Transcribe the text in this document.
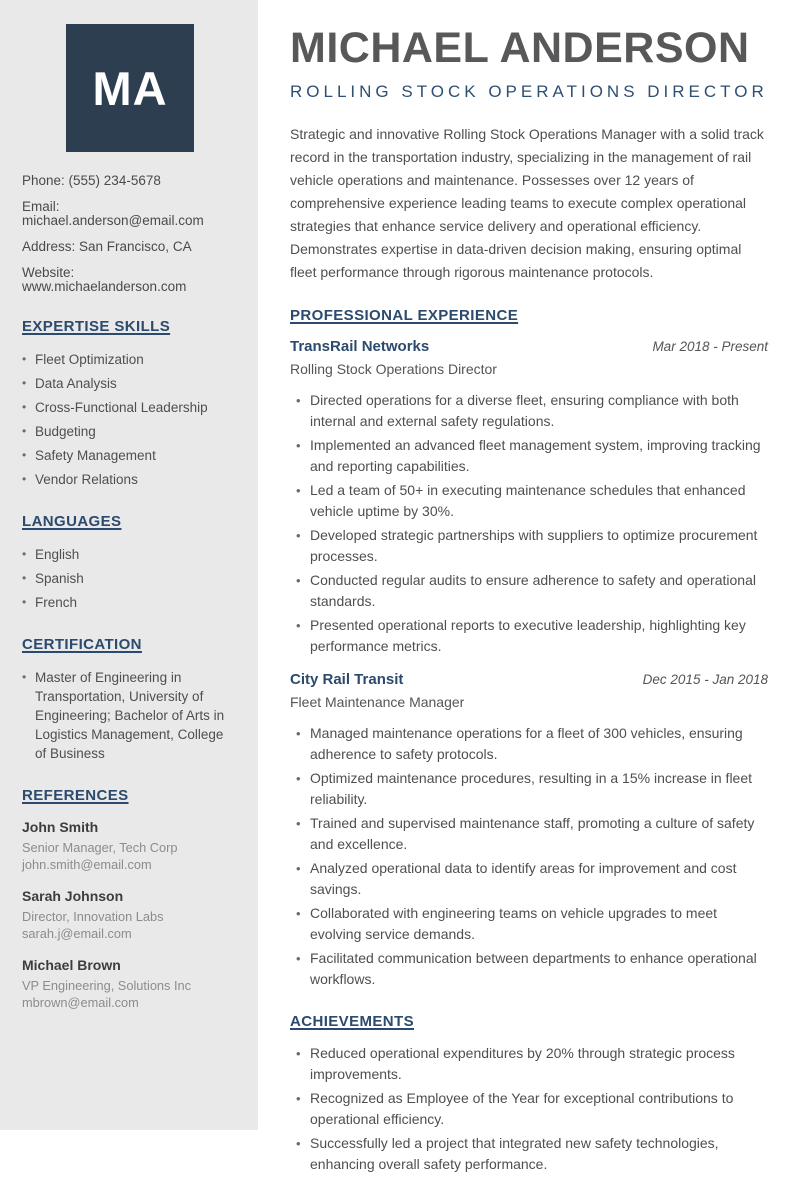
MA

Phone: (555) 234-5678

Email: michael.anderson@email.com

Address: San Francisco, CA

Website: www.michaelanderson.com

EXPERTISE SKILLS
• Fleet Optimization
• Data Analysis
• Cross-Functional Leadership
• Budgeting
• Safety Management
• Vendor Relations
LANGUAGES
• English
• Spanish
• French
CERTIFICATION
• Master of Engineering in Transportation, University of Engineering; Bachelor of Arts in Logistics Management, College of Business
REFERENCES
John Smith

Senior Manager, Tech Corp

john.smith@email.com

Sarah Johnson

Director, Innovation Labs

sarah.j@email.com

Michael Brown

VP Engineering, Solutions Inc

mbrown@email.com

MICHAEL ANDERSON
ROLLING STOCK OPERATIONS DIRECTOR

Strategic and innovative Rolling Stock Operations Manager with a solid track record in the transportation industry, specializing in the management of rail vehicle operations and maintenance. Possesses over 12 years of comprehensive experience leading teams to execute complex operational strategies that enhance service delivery and operational efficiency. Demonstrates expertise in data-driven decision making, ensuring optimal fleet performance through rigorous maintenance protocols.

PROFESSIONAL EXPERIENCE
TransRail Networks	Mar 2018 - Present
Rolling Stock Operations Director
• Directed operations for a diverse fleet, ensuring compliance with both internal and external safety regulations.
• Implemented an advanced fleet management system, improving tracking and reporting capabilities.
• Led a team of 50+ in executing maintenance schedules that enhanced vehicle uptime by 30%.
• Developed strategic partnerships with suppliers to optimize procurement processes.
• Conducted regular audits to ensure adherence to safety and operational standards.
• Presented operational reports to executive leadership, highlighting key performance metrics.
City Rail Transit	Dec 2015 - Jan 2018
Fleet Maintenance Manager
• Managed maintenance operations for a fleet of 300 vehicles, ensuring adherence to safety protocols.
• Optimized maintenance procedures, resulting in a 15% increase in fleet reliability.
• Trained and supervised maintenance staff, promoting a culture of safety and excellence.
• Analyzed operational data to identify areas for improvement and cost savings.
• Collaborated with engineering teams on vehicle upgrades to meet evolving service demands.
• Facilitated communication between departments to enhance operational workflows.
ACHIEVEMENTS
• Reduced operational expenditures by 20% through strategic process improvements.
• Recognized as Employee of the Year for exceptional contributions to operational efficiency.
• Successfully led a project that integrated new safety technologies, enhancing overall safety performance.
